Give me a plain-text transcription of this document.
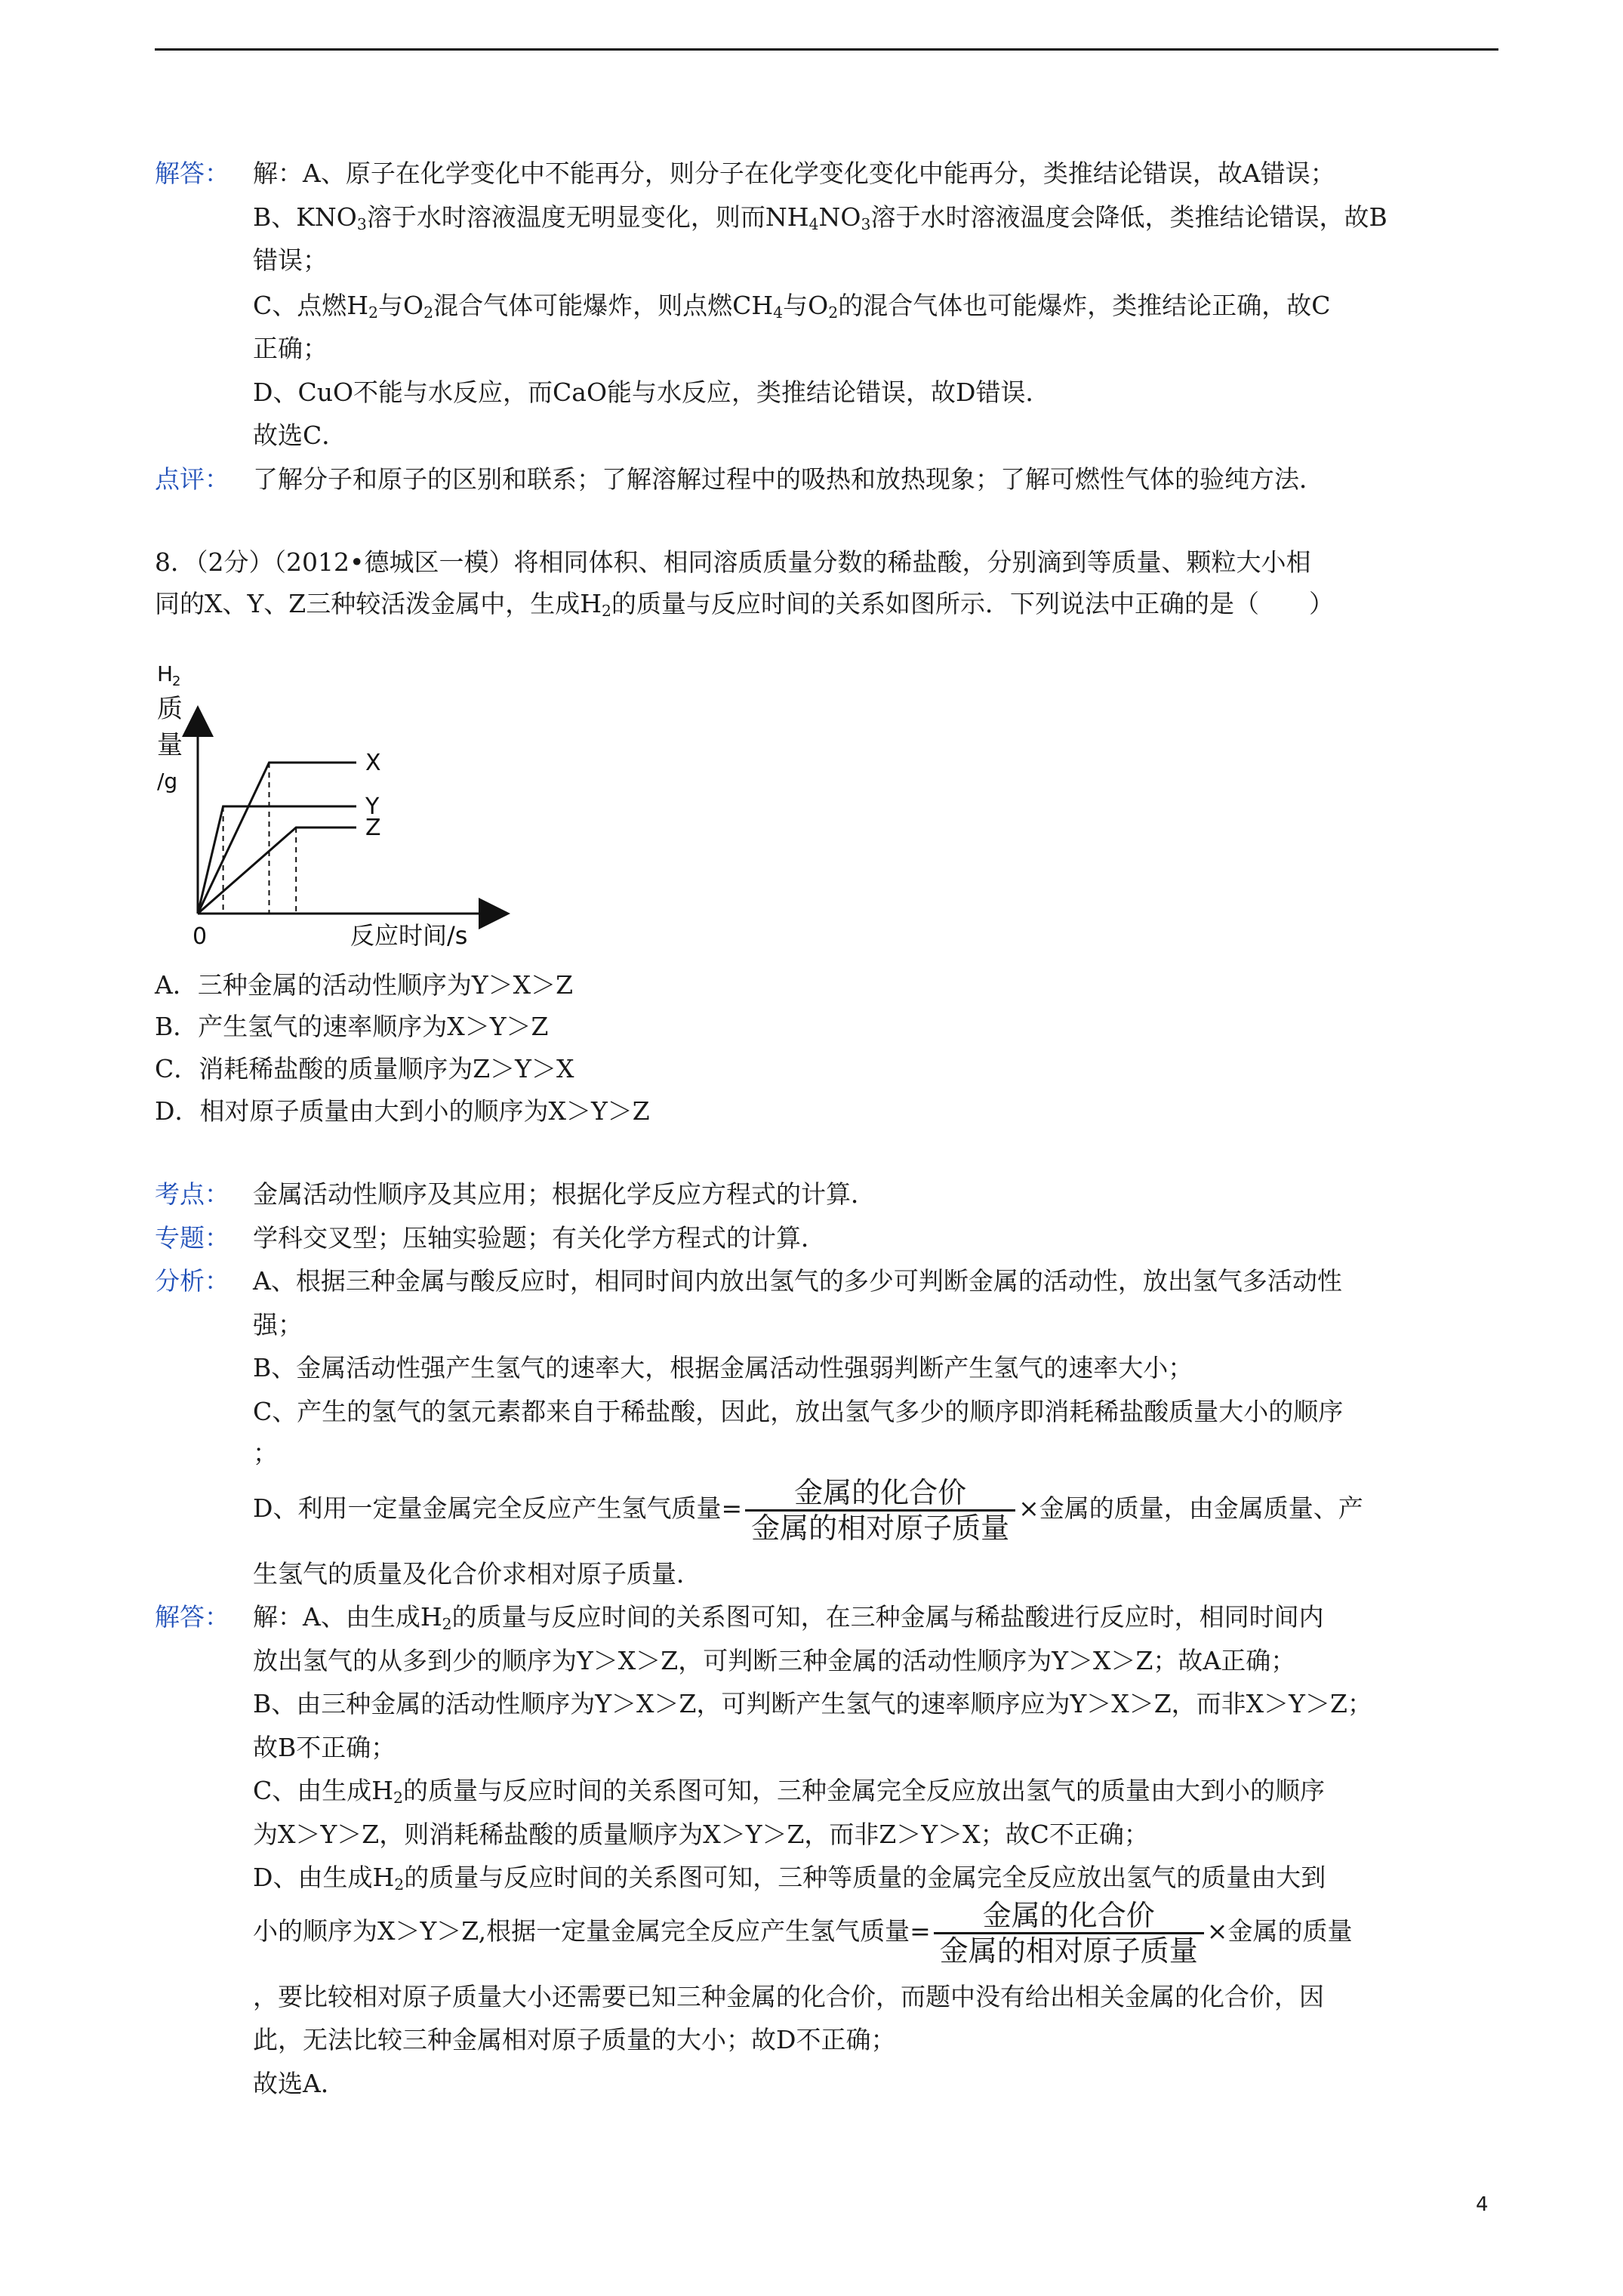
解答： 解：A、原子在化学变化中不能再分，则分子在化学变化变化中能再分，类推结论错误，故A错误；
B、$KNO_3$溶于水时溶液温度无明显变化，则而$NH_4NO_3$溶于水时溶液温度会降低，类推结论错误，故B
错误；
C、点燃$H_2$与$O_2$混合气体可能爆炸，则点燃$CH_4$与$O_2$的混合气体也可能爆炸，类推结论正确，故C
正确；
D、CuO不能与水反应，而CaO能与水反应，类推结论错误，故D错误．
故选C．
点评： 了解分子和原子的区别和联系；了解溶解过程中的吸热和放热现象；了解可燃性气体的验纯方法．
8．（2分）（2012•德城区一模）将相同体积、相同溶质质量分数的稀盐酸，分别滴到等质量、颗粒大小相
同的X、Y、Z三种较活泼金属中，生成$H_2$的质量与反应时间的关系如图所示．下列说法中正确的是（　　）
X
Y
Z
H
2
质
量
/g
0	反应时间/s
A．三种金属的活动性顺序为Y＞X＞Z
B．产生氢气的速率顺序为X＞Y＞Z
C．消耗稀盐酸的质量顺序为Z＞Y＞X
D．相对原子质量由大到小的顺序为X＞Y＞Z
考点： 金属活动性顺序及其应用；根据化学反应方程式的计算．
专题： 学科交叉型；压轴实验题；有关化学方程式的计算．
分析： A、根据三种金属与酸反应时，相同时间内放出氢气的多少可判断金属的活动性，放出氢气多活动性
强；
B、金属活动性强产生氢气的速率大，根据金属活动性强弱判断产生氢气的速率大小；
C、产生的氢气的氢元素都来自于稀盐酸，因此，放出氢气多少的顺序即消耗稀盐酸质量大小的顺序
；
D、利用一定量金属完全反应产生氢气质量= $\frac{\text{金属的化合价}}{\text{金属的相对原子质量}}$ ×金属的质量，由金属质量、产
生氢气的质量及化合价求相对原子质量．
解答： 解：A、由生成$H_2$的质量与反应时间的关系图可知，在三种金属与稀盐酸进行反应时，相同时间内
放出氢气的从多到少的顺序为Y＞X＞Z，可判断三种金属的活动性顺序为Y＞X＞Z；故A正确；
B、由三种金属的活动性顺序为Y＞X＞Z，可判断产生氢气的速率顺序应为Y＞X＞Z，而非X＞Y＞Z；
故B不正确；
C、由生成$H_2$的质量与反应时间的关系图可知，三种金属完全反应放出氢气的质量由大到小的顺序
为X＞Y＞Z，则消耗稀盐酸的质量顺序为X＞Y＞Z，而非Z＞Y＞X；故C不正确；
D、由生成$H_2$的质量与反应时间的关系图可知，三种等质量的金属完全反应放出氢气的质量由大到
小的顺序为X＞Y＞Z,根据一定量金属完全反应产生氢气质量= $\frac{\text{金属的化合价}}{\text{金属的相对原子质量}}$ ×金属的质量
，要比较相对原子质量大小还需要已知三种金属的化合价，而题中没有给出相关金属的化合价，因
此，无法比较三种金属相对原子质量的大小；故D不正确；
故选A．
4
